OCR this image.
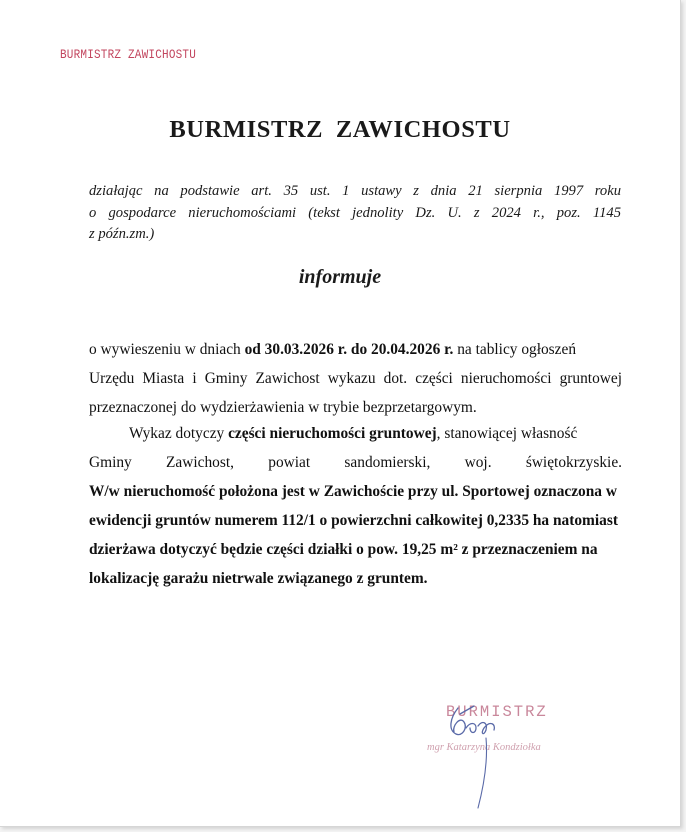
BURMISTRZ ZAWICHOSTU
BURMISTRZ ZAWICHOSTU
działając na podstawie art. 35 ust. 1 ustawy z dnia 21 sierpnia 1997 roku
o gospodarce nieruchomościami (tekst jednolity Dz. U. z 2024 r., poz. 1145
z późn.zm.)
informuje
o wywieszeniu w dniach od 30.03.2026 r. do 20.04.2026 r. na tablicy ogłoszeń
Urzędu Miasta i Gminy Zawichost wykazu dot. części nieruchomości gruntowej
przeznaczonej do wydzierżawienia w trybie bezprzetargowym.
Wykaz dotyczy części nieruchomości gruntowej, stanowiącej własność
Gminy Zawichost, powiat sandomierski, woj. świętokrzyskie.
W/w nieruchomość położona jest w Zawichoście przy ul. Sportowej oznaczona w ewidencji gruntów numerem 112/1 o powierzchni całkowitej 0,2335 ha natomiast dzierżawa dotyczyć będzie części działki o pow. 19,25 m² z przeznaczeniem na lokalizację garażu nietrwale związanego z gruntem.
BURMISTRZ
mgr Katarzyna Kondziołka
